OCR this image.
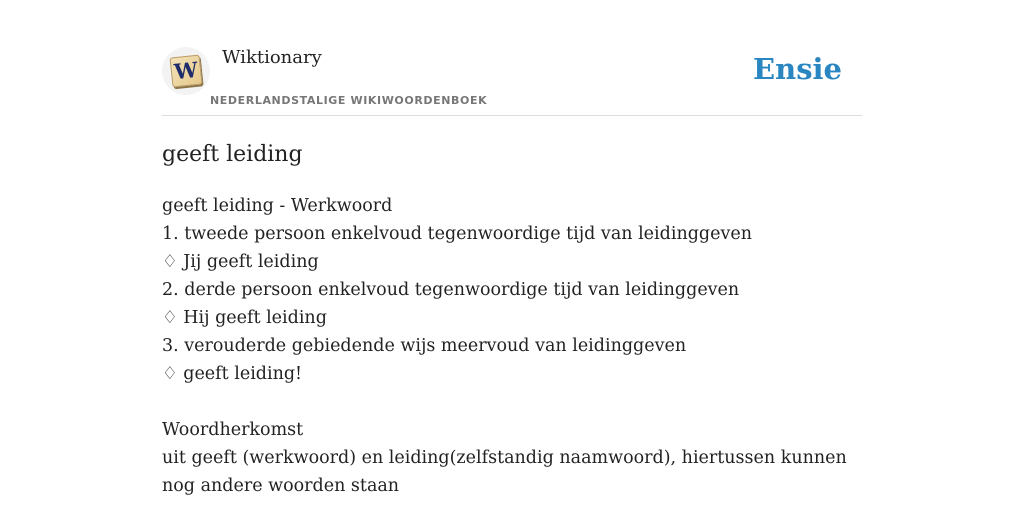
W Wiktionary
NEDERLANDSTALIGE WIKIWOORDENBOEK
Ensie
geeft leiding
geeft leiding - Werkwoord
1. tweede persoon enkelvoud tegenwoordige tijd van leidinggeven
♢ Jij geeft leiding
2. derde persoon enkelvoud tegenwoordige tijd van leidinggeven
♢ Hij geeft leiding
3. verouderde gebiedende wijs meervoud van leidinggeven
♢ geeft leiding!
Woordherkomst
uit geeft (werkwoord) en leiding(zelfstandig naamwoord), hiertussen kunnen nog andere woorden staan
